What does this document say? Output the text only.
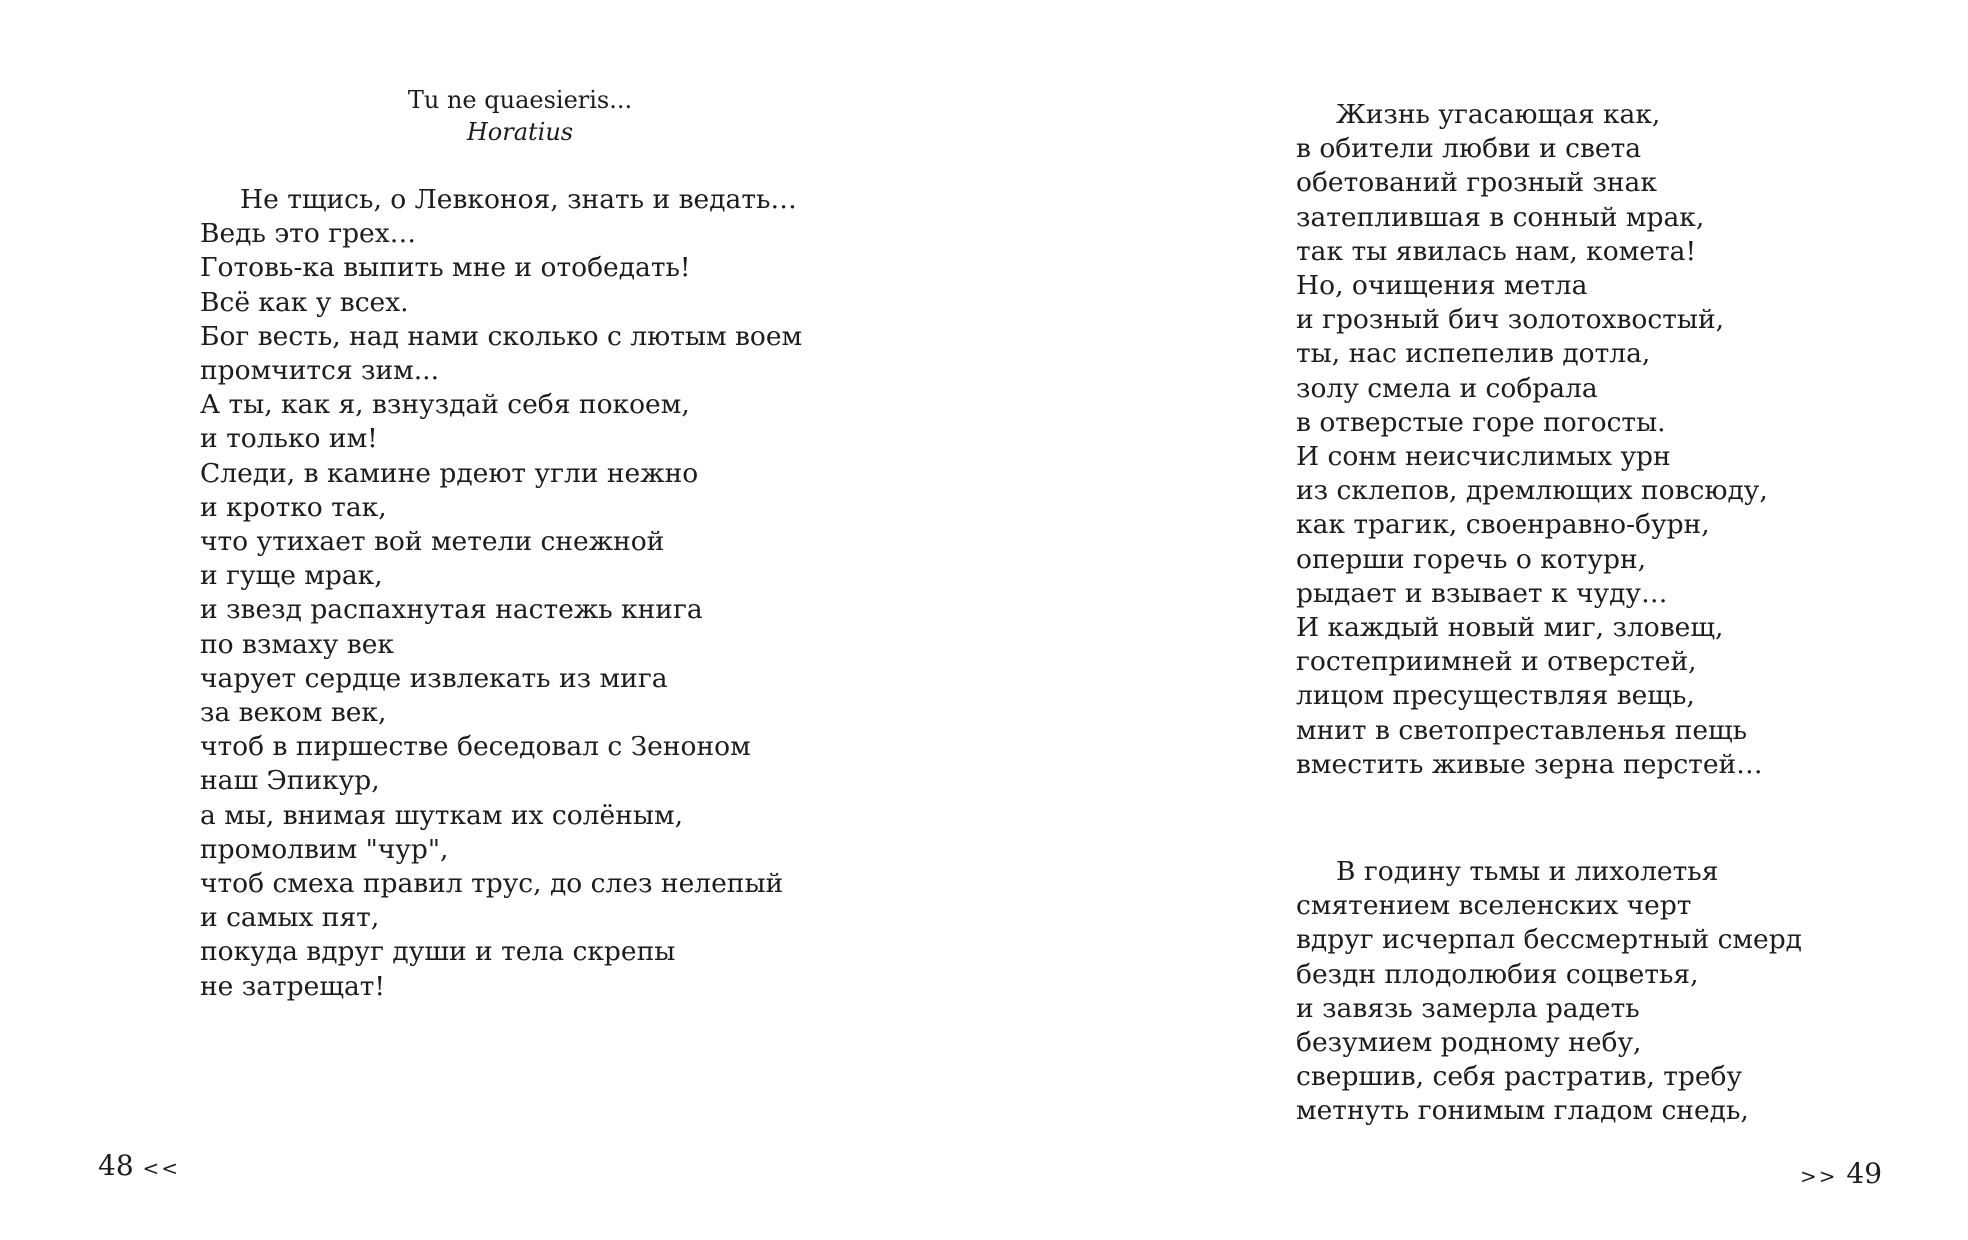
Tu ne quaesieris...
Horatius
Не тщись, о Левконоя, знать и ведать…
Ведь это грех…
Готовь-ка выпить мне и отобедать!
Всё как у всех.
Бог весть, над нами сколько с лютым воем
промчится зим...
А ты, как я, взнуздай себя покоем,
и только им!
Следи, в камине рдеют угли нежно
и кротко так,
что утихает вой метели снежной
и гуще мрак,
и звезд распахнутая настежь книга
по взмаху век
чарует сердце извлекать из мига
за веком век,
чтоб в пиршестве беседовал с Зеноном
наш Эпикур,
а мы, внимая шуткам их солёным,
промолвим "чур",
чтоб смеха правил трус, до слез нелепый
и самых пят,
покуда вдруг души и тела скрепы
не затрещат!
48 <<
Жизнь угасающая как,
в обители любви и света
обетований грозный знак
затеплившая в сонный мрак,
так ты явилась нам, комета!
Но, очищения метла
и грозный бич золотохвостый,
ты, нас испепелив дотла,
золу смела и собрала
в отверстые горе погосты.
И сонм неисчислимых урн
из склепов, дремлющих повсюду,
как трагик, своенравно-бурн,
оперши горечь о котурн,
рыдает и взывает к чуду…
И каждый новый миг, зловещ,
гостеприимней и отверстей,
лицом пресуществляя вещь,
мнит в светопреставленья пещь
вместить живые зерна перстей…
В годину тьмы и лихолетья
смятением вселенских черт
вдруг исчерпал бессмертный смерд
бездн плодолюбия соцветья,
и завязь замерла радеть
безумием родному небу,
свершив, себя растратив, требу
метнуть гонимым гладом снедь,
>> 49
